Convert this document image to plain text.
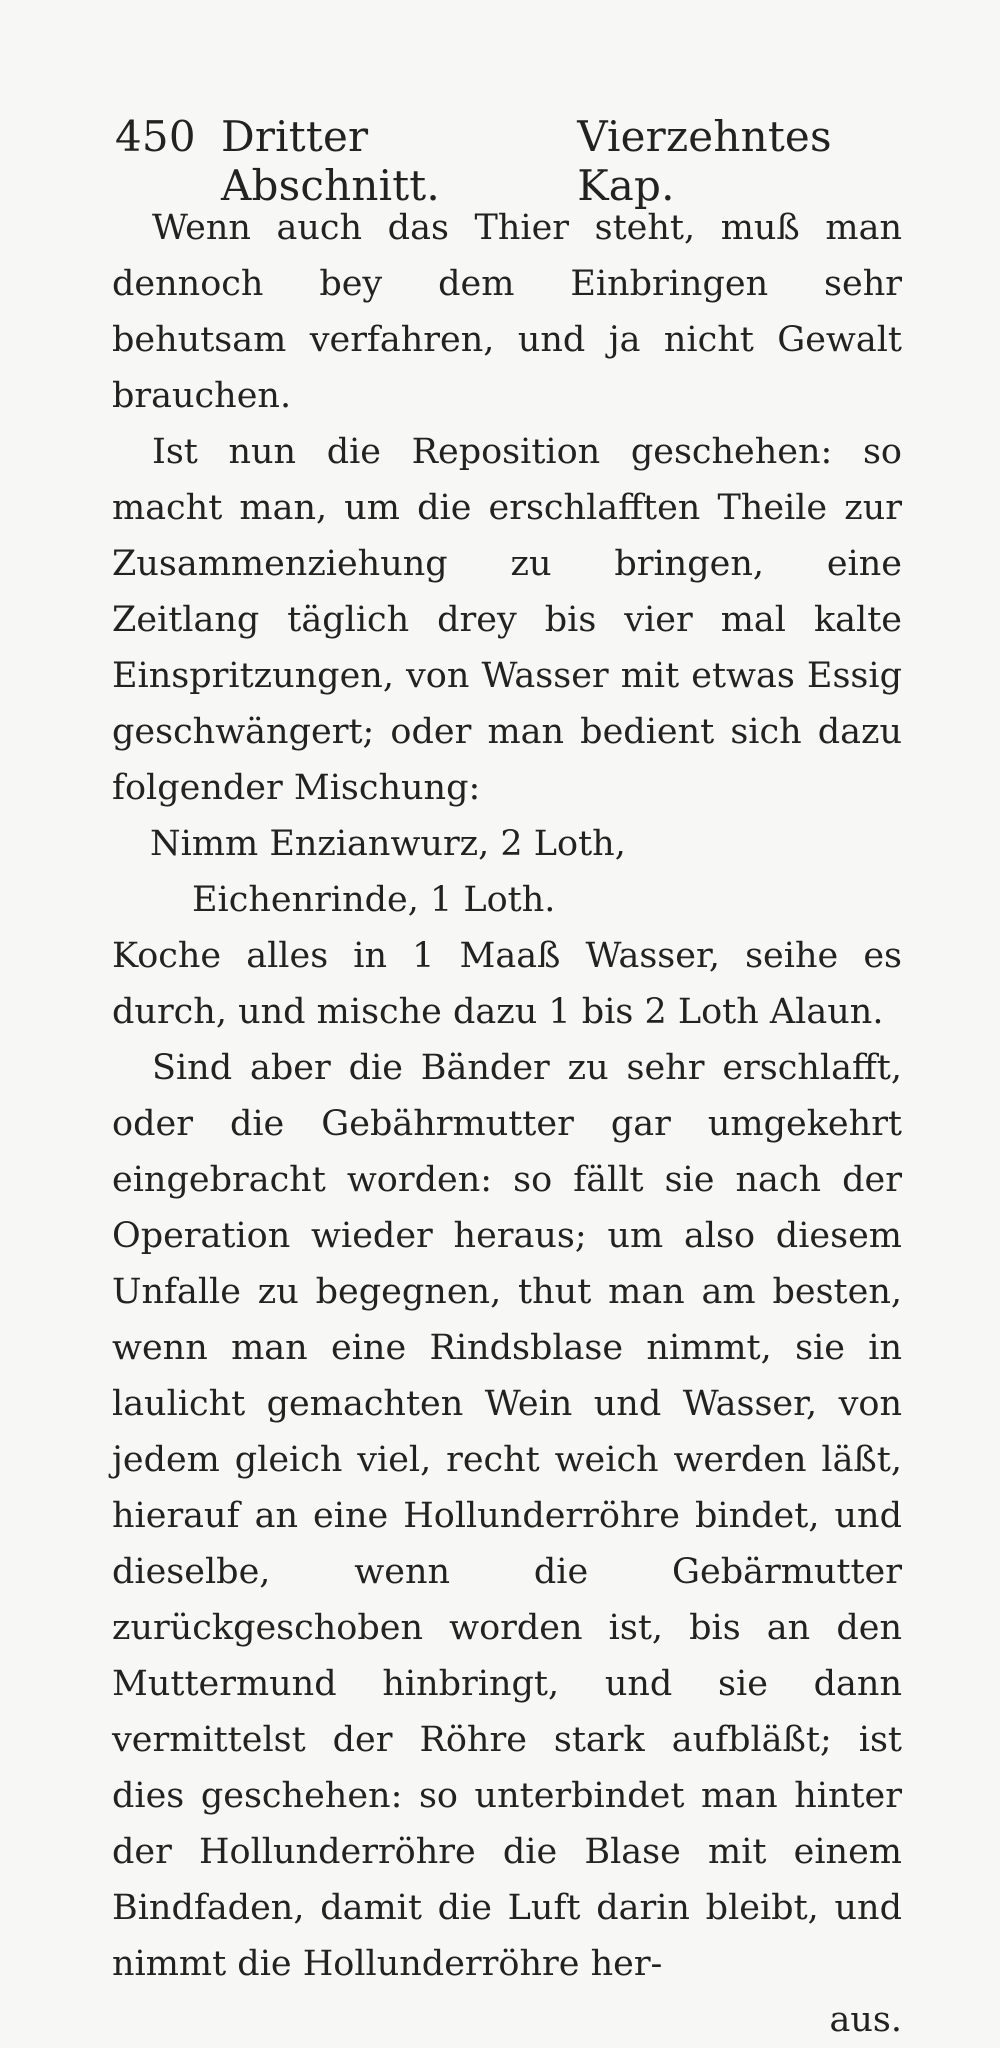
450 Dritter Abschnitt.
Vierzehntes Kap.

Wenn auch das Thier steht, muß man dennoch bey dem Einbringen sehr behutsam verfahren, und ja nicht Gewalt brauchen.

Ist nun die Reposition geschehen: so macht man, um die erschlafften Theile zur Zusammenziehung zu bringen, eine Zeitlang täglich drey bis vier mal kalte Einspritzungen, von Wasser mit etwas Essig geschwängert; oder man bedient sich dazu folgender Mischung:

Nimm Enzianwurz, 2 Loth,

Eichenrinde, 1 Loth.

Koche alles in 1 Maaß Wasser, seihe es durch, und mische dazu 1 bis 2 Loth Alaun.

Sind aber die Bänder zu sehr erschlafft, oder die Gebährmutter gar umgekehrt eingebracht worden: so fällt sie nach der Operation wieder heraus; um also diesem Unfalle zu begegnen, thut man am besten, wenn man eine Rindsblase nimmt, sie in laulicht gemachten Wein und Wasser, von jedem gleich viel, recht weich werden läßt, hierauf an eine Hollunderröhre bindet, und dieselbe, wenn die Gebärmutter zurückgeschoben worden ist, bis an den Muttermund hinbringt, und sie dann vermittelst der Röhre stark aufbläßt; ist dies geschehen: so unterbindet man hinter der Hollunderröhre die Blase mit einem Bindfaden, damit die Luft darin bleibt, und nimmt die Hollunderröhre her-

aus.
